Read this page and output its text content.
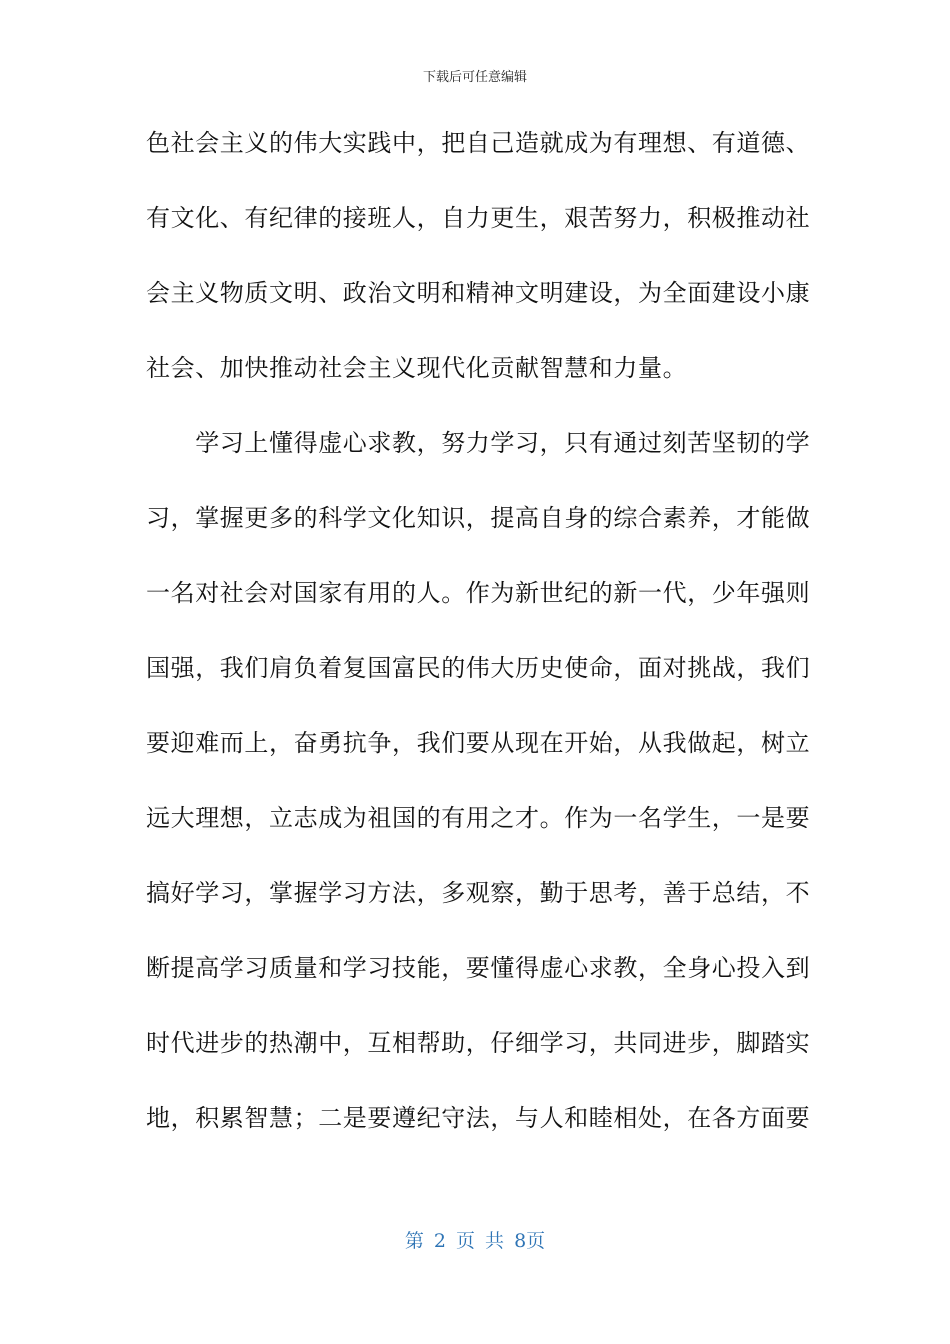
下载后可任意编辑
色社会主义的伟大实践中，把自己造就成为有理想、有道德、
有文化、有纪律的接班人，自力更生，艰苦努力，积极推动社
会主义物质文明、政治文明和精神文明建设，为全面建设小康
社会、加快推动社会主义现代化贡献智慧和力量。
　　学习上懂得虚心求教，努力学习，只有通过刻苦坚韧的学
习，掌握更多的科学文化知识，提高自身的综合素养，才能做
一名对社会对国家有用的人。作为新世纪的新一代，少年强则
国强，我们肩负着复国富民的伟大历史使命，面对挑战，我们
要迎难而上，奋勇抗争，我们要从现在开始，从我做起，树立
远大理想，立志成为祖国的有用之才。作为一名学生，一是要
搞好学习，掌握学习方法，多观察，勤于思考，善于总结，不
断提高学习质量和学习技能，要懂得虚心求教，全身心投入到
时代进步的热潮中，互相帮助，仔细学习，共同进步，脚踏实
地，积累智慧；二是要遵纪守法，与人和睦相处，在各方面要
第 2 页 共 8页
